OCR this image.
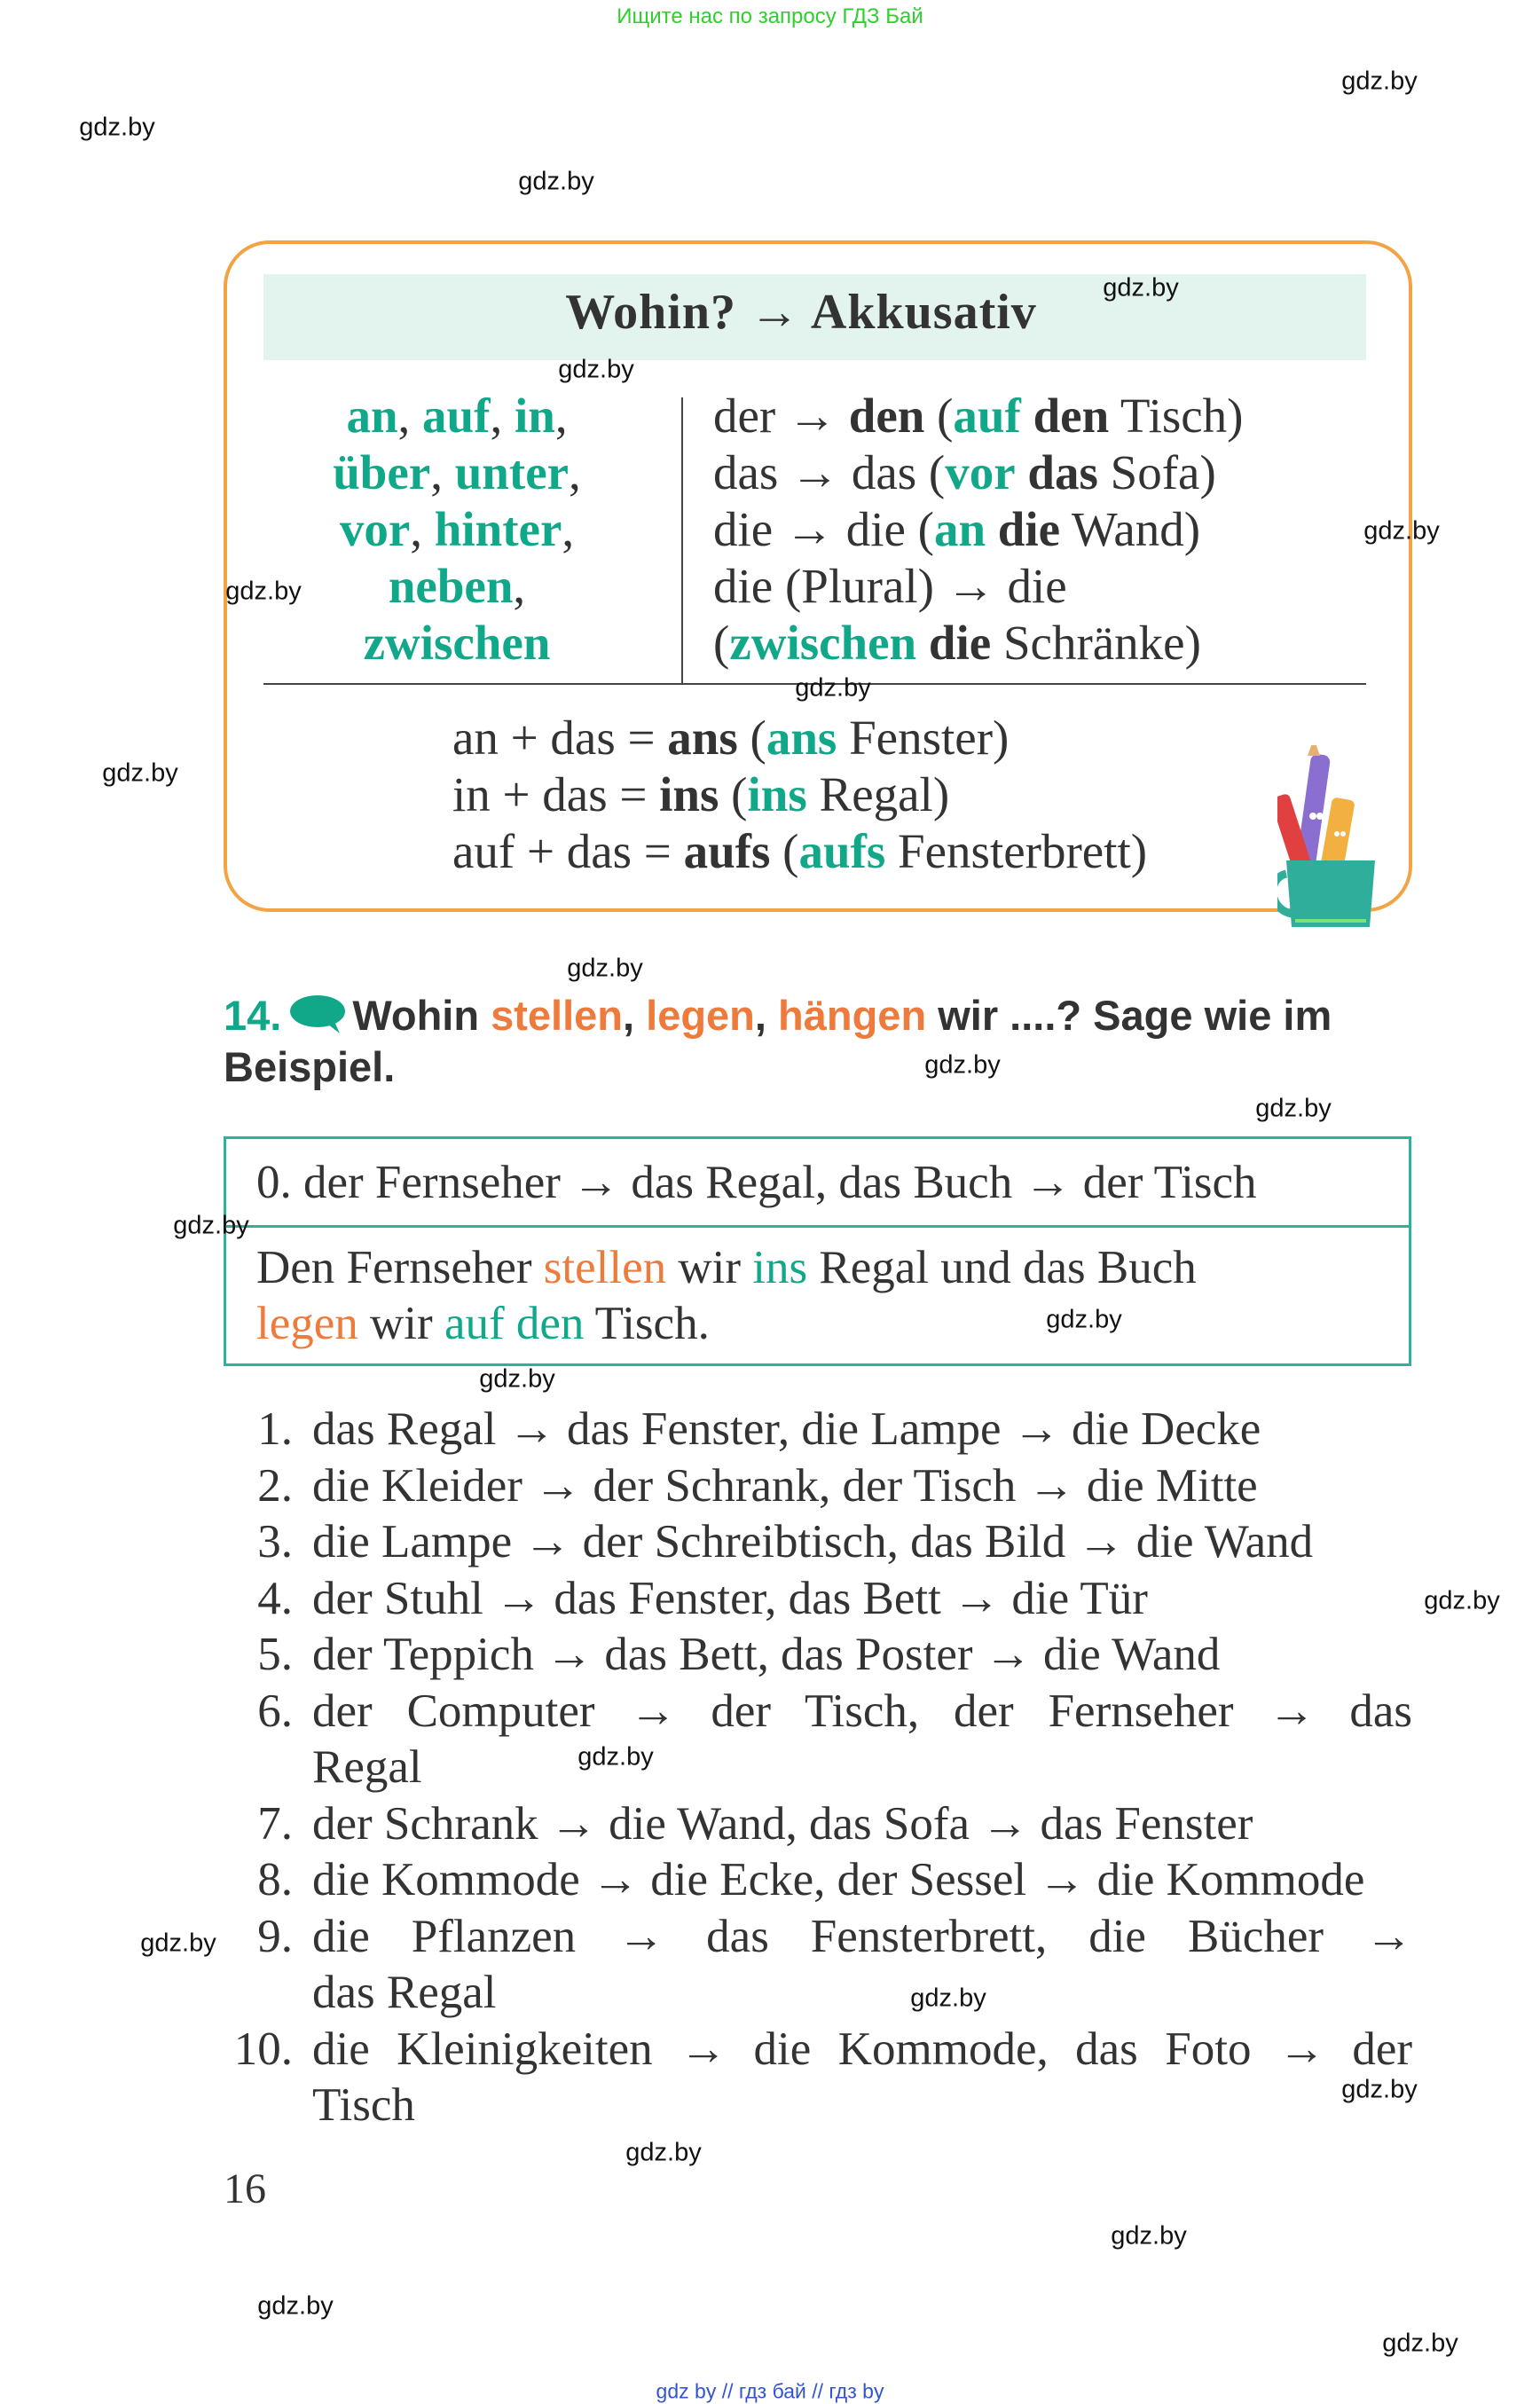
Ищите нас по запросу ГДЗ Бай
Wohin? → Akkusativ
an, auf, in,
über, unter,
vor, hinter,
neben,
zwischen
der → den (auf den Tisch)
das → das (vor das Sofa)
die → die (an die Wand)
die (Plural) → die
(zwischen die Schränke)
an + das = ans (ans Fenster)
in + das = ins (ins Regal)
auf + das = aufs (aufs Fensterbrett)
14. Wohin stellen, legen, hängen wir ....? Sage wie im Beispiel.
0. der Fernseher → das Regal, das Buch → der Tisch
Den Fernseher stellen wir ins Regal und das Buch
legen wir auf den Tisch.
1. das Regal → das Fenster, die Lampe → die Decke
2. die Kleider → der Schrank, der Tisch → die Mitte
3. die Lampe → der Schreibtisch, das Bild → die Wand
4. der Stuhl → das Fenster, das Bett → die Tür
5. der Teppich → das Bett, das Poster → die Wand
6. der Computer → der Tisch, der Fernseher → das
Regal
7. der Schrank → die Wand, das Sofa → das Fenster
8. die Kommode → die Ecke, der Sessel → die Kommode
9. die Pflanzen → das Fensterbrett, die Bücher →
das Regal
10. die Kleinigkeiten → die Kommode, das Foto → der
Tisch
16
gdz by // гдз бай // гдз by
gdz.by
gdz.by
gdz.by
gdz.by
gdz.by
gdz.by
gdz.by
gdz.by
gdz.by
gdz.by
gdz.by
gdz.by
gdz.by
gdz.by
gdz.by
gdz.by
gdz.by
gdz.by
gdz.by
gdz.by
gdz.by
gdz.by
gdz.by
gdz.by
